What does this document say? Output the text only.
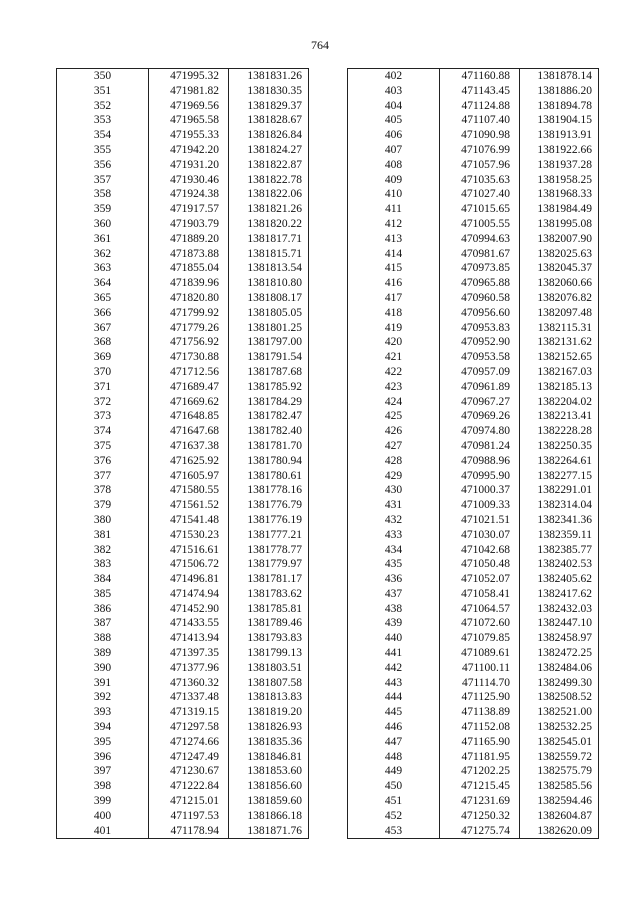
764
350	471995.32	1381831.26
351	471981.82	1381830.35
352	471969.56	1381829.37
353	471965.58	1381828.67
354	471955.33	1381826.84
355	471942.20	1381824.27
356	471931.20	1381822.87
357	471930.46	1381822.78
358	471924.38	1381822.06
359	471917.57	1381821.26
360	471903.79	1381820.22
361	471889.20	1381817.71
362	471873.88	1381815.71
363	471855.04	1381813.54
364	471839.96	1381810.80
365	471820.80	1381808.17
366	471799.92	1381805.05
367	471779.26	1381801.25
368	471756.92	1381797.00
369	471730.88	1381791.54
370	471712.56	1381787.68
371	471689.47	1381785.92
372	471669.62	1381784.29
373	471648.85	1381782.47
374	471647.68	1381782.40
375	471637.38	1381781.70
376	471625.92	1381780.94
377	471605.97	1381780.61
378	471580.55	1381778.16
379	471561.52	1381776.79
380	471541.48	1381776.19
381	471530.23	1381777.21
382	471516.61	1381778.77
383	471506.72	1381779.97
384	471496.81	1381781.17
385	471474.94	1381783.62
386	471452.90	1381785.81
387	471433.55	1381789.46
388	471413.94	1381793.83
389	471397.35	1381799.13
390	471377.96	1381803.51
391	471360.32	1381807.58
392	471337.48	1381813.83
393	471319.15	1381819.20
394	471297.58	1381826.93
395	471274.66	1381835.36
396	471247.49	1381846.81
397	471230.67	1381853.60
398	471222.84	1381856.60
399	471215.01	1381859.60
400	471197.53	1381866.18
401	471178.94	1381871.76
402	471160.88	1381878.14
403	471143.45	1381886.20
404	471124.88	1381894.78
405	471107.40	1381904.15
406	471090.98	1381913.91
407	471076.99	1381922.66
408	471057.96	1381937.28
409	471035.63	1381958.25
410	471027.40	1381968.33
411	471015.65	1381984.49
412	471005.55	1381995.08
413	470994.63	1382007.90
414	470981.67	1382025.63
415	470973.85	1382045.37
416	470965.88	1382060.66
417	470960.58	1382076.82
418	470956.60	1382097.48
419	470953.83	1382115.31
420	470952.90	1382131.62
421	470953.58	1382152.65
422	470957.09	1382167.03
423	470961.89	1382185.13
424	470967.27	1382204.02
425	470969.26	1382213.41
426	470974.80	1382228.28
427	470981.24	1382250.35
428	470988.96	1382264.61
429	470995.90	1382277.15
430	471000.37	1382291.01
431	471009.33	1382314.04
432	471021.51	1382341.36
433	471030.07	1382359.11
434	471042.68	1382385.77
435	471050.48	1382402.53
436	471052.07	1382405.62
437	471058.41	1382417.62
438	471064.57	1382432.03
439	471072.60	1382447.10
440	471079.85	1382458.97
441	471089.61	1382472.25
442	471100.11	1382484.06
443	471114.70	1382499.30
444	471125.90	1382508.52
445	471138.89	1382521.00
446	471152.08	1382532.25
447	471165.90	1382545.01
448	471181.95	1382559.72
449	471202.25	1382575.79
450	471215.45	1382585.56
451	471231.69	1382594.46
452	471250.32	1382604.87
453	471275.74	1382620.09
